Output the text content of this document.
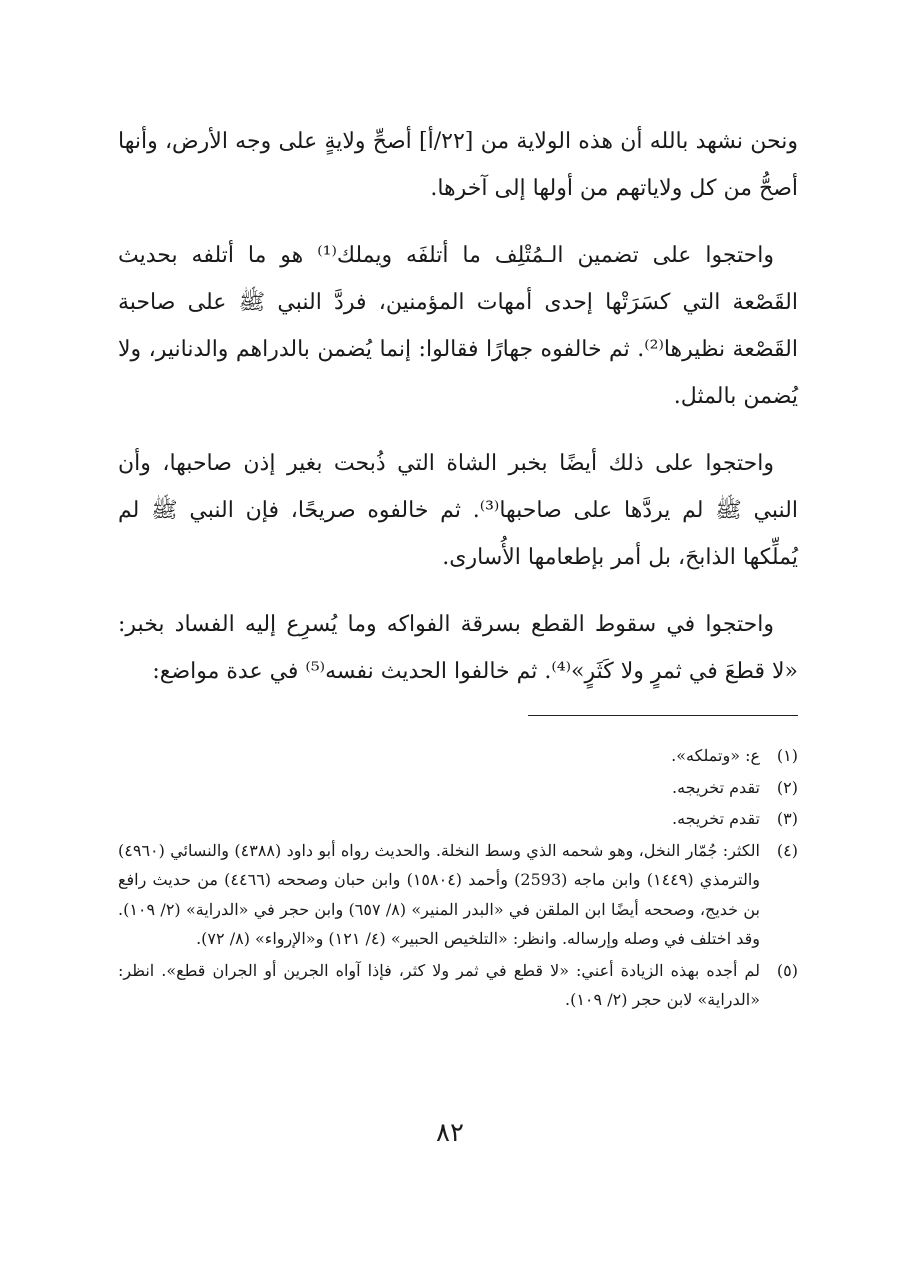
ونحن نشهد بالله أن هذه الولاية من [٢٢/أ] أصحِّ ولايةٍ على وجه الأرض، وأنها أصحُّ من كل ولاياتهم من أولها إلى آخرها.

واحتجوا على تضمين الـمُتْلِف ما أتلفَه ويملك⁽¹⁾ هو ما أتلفه بحديث القَصْعة التي كسَرَتْها إحدى أمهات المؤمنين، فردَّ النبي ﷺ على صاحبة القَصْعة نظيرها⁽²⁾. ثم خالفوه جهارًا فقالوا: إنما يُضمن بالدراهم والدنانير، ولا يُضمن بالمثل.

واحتجوا على ذلك أيضًا بخبر الشاة التي ذُبحت بغير إذن صاحبها، وأن النبي ﷺ لم يردَّها على صاحبها⁽³⁾. ثم خالفوه صريحًا، فإن النبي ﷺ لم يُملِّكها الذابحَ، بل أمر بإطعامها الأُسارى.

واحتجوا في سقوط القطع بسرقة الفواكه وما يُسرِع إليه الفساد بخبر: «لا قطعَ في ثمرٍ ولا كَثَرٍ»⁽⁴⁾. ثم خالفوا الحديث نفسه⁽⁵⁾ في عدة مواضع:

(١)
ع: «وتملكه».
(٢)
تقدم تخريجه.
(٣)
تقدم تخريجه.
(٤)
الكثر: جُمّار النخل، وهو شحمه الذي وسط النخلة. والحديث رواه أبو داود (٤٣٨٨) والنسائي (٤٩٦٠) والترمذي (١٤٤٩) وابن ماجه (2593) وأحمد (١٥٨٠٤) وابن حبان وصححه (٤٤٦٦) من حديث رافع بن خديج، وصححه أيضًا ابن الملقن في «البدر المنير» (٨/ ٦٥٧) وابن حجر في «الدراية» (٢/ ١٠٩). وقد اختلف في وصله وإرساله. وانظر: «التلخيص الحبير» (٤/ ١٢١) و«الإرواء» (٨/ ٧٢).
(٥)
لم أجده بهذه الزيادة أعني: «لا قطع في ثمر ولا كثر، فإذا آواه الجرين أو الجران قطع». انظر: «الدراية» لابن حجر (٢/ ١٠٩).
٨٢
